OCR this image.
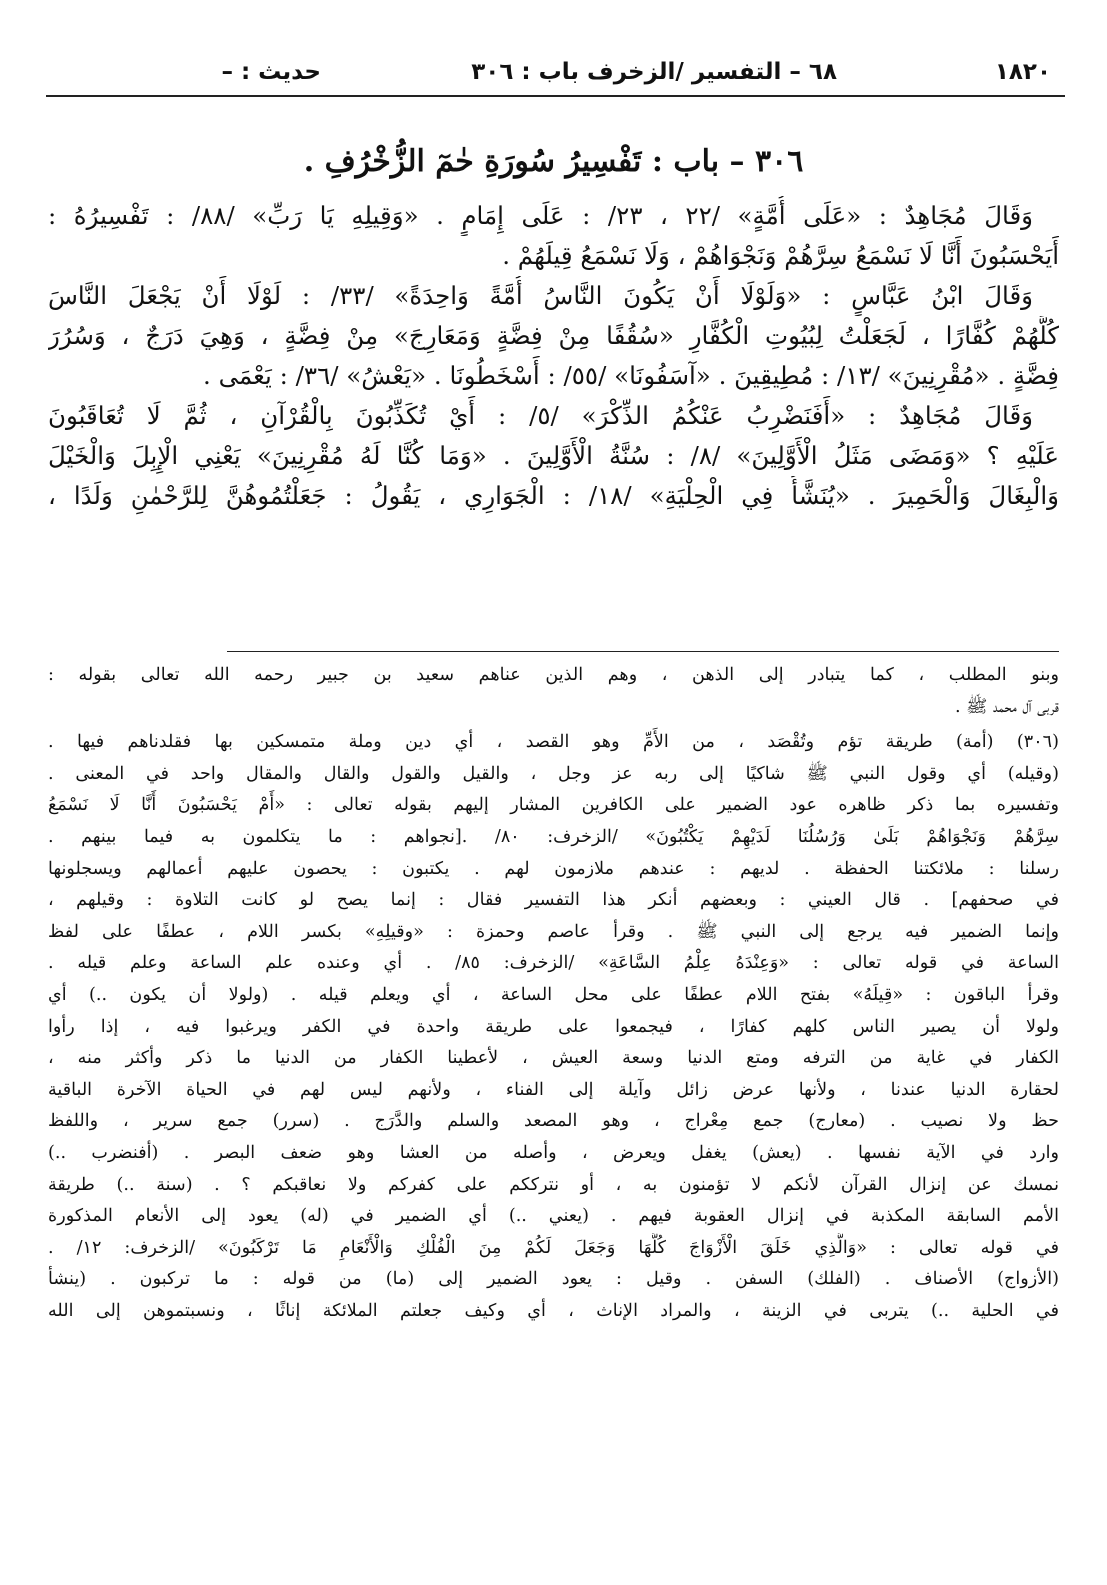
١٨٢٠
٦٨ – التفسير /الزخرف
باب : ٣٠٦
حديث : –
٣٠٦ – باب : تَفْسِيرُ سُورَةِ حٰمٓ الزُّخْرُفِ .
وَقَالَ مُجَاهِدٌ : «عَلَى أُمَّةٍ» /٢٢ ، ٢٣/ : عَلَى إِمَامٍ . «وَقِيلِهِ يَا رَبِّ» /٨٨/ : تَفْسِيرُهُ :
أَيَحْسَبُونَ أَنَّا لَا نَسْمَعُ سِرَّهُمْ وَنَجْوَاهُمْ ، وَلَا نَسْمَعُ قِيلَهُمْ .
وَقَالَ ابْنُ عَبَّاسٍ : «وَلَوْلَا أَنْ يَكُونَ النَّاسُ أُمَّةً وَاحِدَةً» /٣٣/ : لَوْلَا أَنْ يَجْعَلَ النَّاسَ
كُلَّهُمْ كُفَّارًا ، لَجَعَلْتُ لِبُيُوتِ الْكُفَّارِ «سُقُفًا مِنْ فِضَّةٍ وَمَعَارِجَ» مِنْ فِضَّةٍ ، وَهِيَ دَرَجٌ ، وَسُرُرَ
فِضَّةٍ . «مُقْرِنِينَ» /١٣/ : مُطِيقِينَ . «آسَفُونَا» /٥٥/ : أَسْخَطُونَا . «يَعْشُ» /٣٦/ : يَعْمَى .
وَقَالَ مُجَاهِدٌ : «أَفَنَضْرِبُ عَنْكُمُ الذِّكْرَ» /٥/ : أَيْ تُكَذِّبُونَ بِالْقُرْآنِ ، ثُمَّ لَا تُعَاقَبُونَ
عَلَيْهِ ؟ «وَمَضَى مَثَلُ الْأَوَّلِينَ» /٨/ : سُنَّةُ الْأَوَّلِينَ . «وَمَا كُنَّا لَهُ مُقْرِنِينَ» يَعْنِي الْإِبِلَ وَالْخَيْلَ
وَالْبِغَالَ وَالْحَمِيرَ . «يُنَشَّأُ فِي الْحِلْيَةِ» /١٨/ : الْجَوَارِي ، يَقُولُ : جَعَلْتُمُوهُنَّ لِلرَّحْمٰنِ وَلَدًا ،
وبنو المطلب ، كما يتبادر إلى الذهن ، وهم الذين عناهم سعيد بن جبير رحمه الله تعالى بقوله :
قربى آل محمد ﷺ .
(٣٠٦) (أمة) طريقة تؤم وتُقْصَد ، من الأَمِّ وهو القصد ، أي دين وملة متمسكين بها فقلدناهم فيها .
(وقيله) أي وقول النبي ﷺ شاكيًا إلى ربه عز وجل ، والقيل والقول والقال والمقال واحد في المعنى .
وتفسيره بما ذكر ظاهره عود الضمير على الكافرين المشار إليهم بقوله تعالى : «أَمْ يَحْسَبُونَ أَنَّا لَا نَسْمَعُ
سِرَّهُمْ وَنَجْوَاهُمْ بَلَىٰ وَرُسُلُنَا لَدَيْهِمْ يَكْتُبُونَ» /الزخرف: ٨٠/ .[نجواهم : ما يتكلمون به فيما بينهم .
رسلنا : ملائكتنا الحفظة . لديهم : عندهم ملازمون لهم . يكتبون : يحصون عليهم أعمالهم ويسجلونها
في صحفهم] . قال العيني : وبعضهم أنكر هذا التفسير فقال : إنما يصح لو كانت التلاوة : وقيلهم ،
وإنما الضمير فيه يرجع إلى النبي ﷺ . وقرأ عاصم وحمزة : «وقيلِهِ» بكسر اللام ، عطفًا على لفظ
الساعة في قوله تعالى : «وَعِنْدَهُ عِلْمُ السَّاعَةِ» /الزخرف: ٨٥/ . أي وعنده علم الساعة وعلم قيله .
وقرأ الباقون : «قِيلَهُ» بفتح اللام عطفًا على محل الساعة ، أي ويعلم قيله . (ولولا أن يكون ..) أي
ولولا أن يصير الناس كلهم كفارًا ، فيجمعوا على طريقة واحدة في الكفر ويرغبوا فيه ، إذا رأوا
الكفار في غاية من الترفه ومتع الدنيا وسعة العيش ، لأعطينا الكفار من الدنيا ما ذكر وأكثر منه ،
لحقارة الدنيا عندنا ، ولأنها عرض زائل وآيلة إلى الفناء ، ولأنهم ليس لهم في الحياة الآخرة الباقية
حظ ولا نصيب . (معارج) جمع مِعْراج ، وهو المصعد والسلم والدَّرَج . (سرر) جمع سرير ، واللفظ
وارد في الآية نفسها . (يعش) يغفل ويعرض ، وأصله من العشا وهو ضعف البصر . (أفنضرب ..)
نمسك عن إنزال القرآن لأنكم لا تؤمنون به ، أو نترككم على كفركم ولا نعاقبكم ؟ . (سنة ..) طريقة
الأمم السابقة المكذبة في إنزال العقوبة فيهم . (يعني ..) أي الضمير في (له) يعود إلى الأنعام المذكورة
في قوله تعالى : «وَالَّذِي خَلَقَ الْأَزْوَاجَ كُلَّهَا وَجَعَلَ لَكُمْ مِنَ الْفُلْكِ وَالْأَنْعَامِ مَا تَرْكَبُونَ» /الزخرف: ١٢/ .
(الأزواج) الأصناف . (الفلك) السفن . وقيل : يعود الضمير إلى (ما) من قوله : ما تركبون . (ينشأ
في الحلية ..) يتربى في الزينة ، والمراد الإناث ، أي وكيف جعلتم الملائكة إناثًا ، ونسبتموهن إلى الله
